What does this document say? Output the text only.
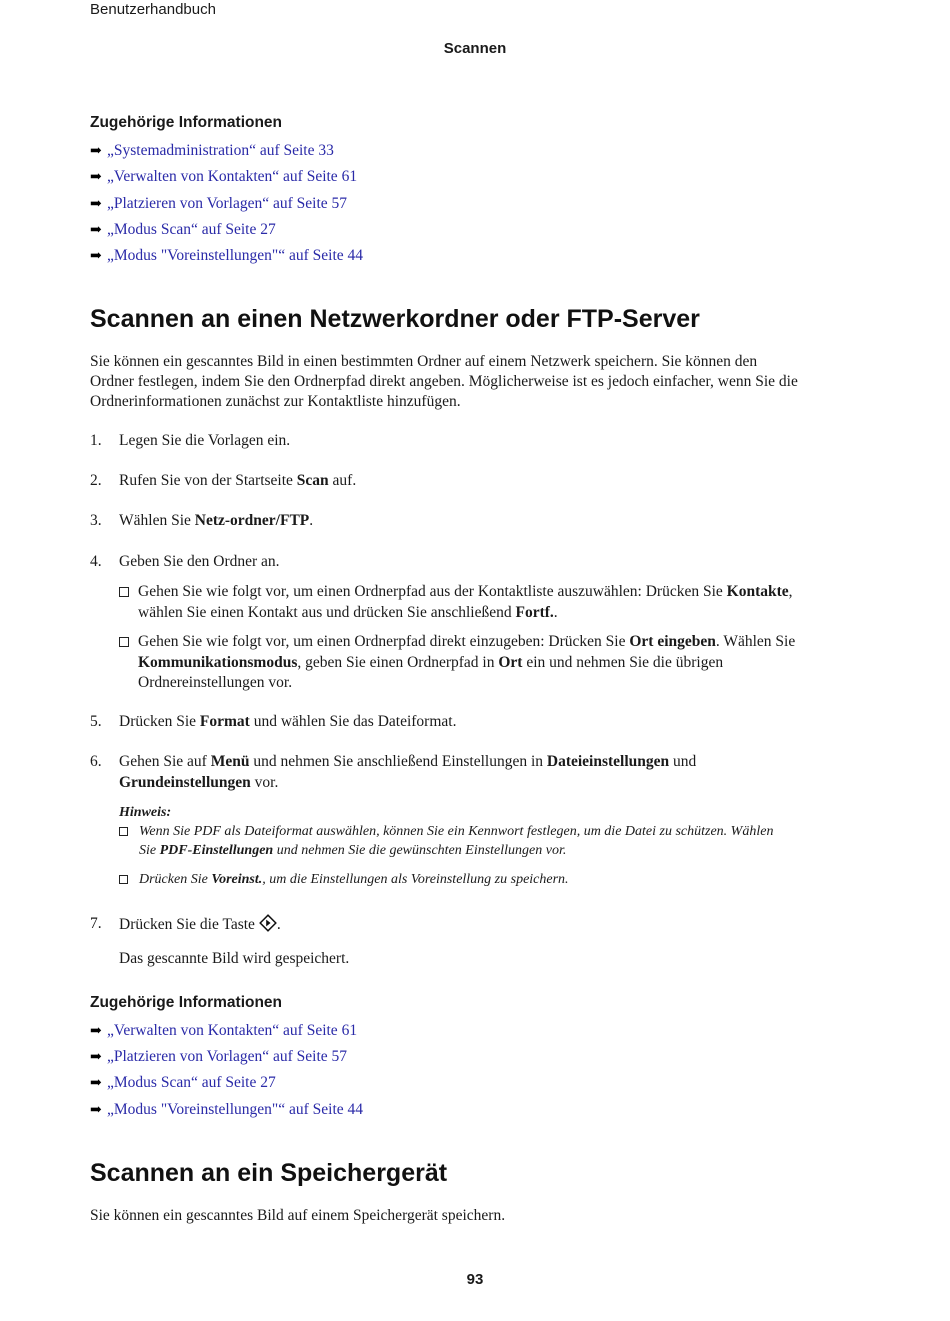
Benutzerhandbuch
Scannen
Zugehörige Informationen
➡ „Systemadministration“ auf Seite 33
➡ „Verwalten von Kontakten“ auf Seite 61
➡ „Platzieren von Vorlagen“ auf Seite 57
➡ „Modus Scan“ auf Seite 27
➡ „Modus "Voreinstellungen"“ auf Seite 44
Scannen an einen Netzwerkordner oder FTP-Server
Sie können ein gescanntes Bild in einen bestimmten Ordner auf einem Netzwerk speichern. Sie können den
Ordner festlegen, indem Sie den Ordnerpfad direkt angeben. Möglicherweise ist es jedoch einfacher, wenn Sie die
Ordnerinformationen zunächst zur Kontaktliste hinzufügen.
1. Legen Sie die Vorlagen ein.
2. Rufen Sie von der Startseite Scan auf.
3. Wählen Sie Netz-ordner/FTP.
4. Geben Sie den Ordner an.
Gehen Sie wie folgt vor, um einen Ordnerpfad aus der Kontaktliste auszuwählen: Drücken Sie Kontakte,
wählen Sie einen Kontakt aus und drücken Sie anschließend Fortf..
Gehen Sie wie folgt vor, um einen Ordnerpfad direkt einzugeben: Drücken Sie Ort eingeben. Wählen Sie
Kommunikationsmodus, geben Sie einen Ordnerpfad in Ort ein und nehmen Sie die übrigen
Ordnereinstellungen vor.
5. Drücken Sie Format und wählen Sie das Dateiformat.
6. Gehen Sie auf Menü und nehmen Sie anschließend Einstellungen in Dateieinstellungen und
Grundeinstellungen vor.
Hinweis:
Wenn Sie PDF als Dateiformat auswählen, können Sie ein Kennwort festlegen, um die Datei zu schützen. Wählen
Sie PDF-Einstellungen und nehmen Sie die gewünschten Einstellungen vor.
Drücken Sie Voreinst., um die Einstellungen als Voreinstellung zu speichern.
7. Drücken Sie die Taste .
Das gescannte Bild wird gespeichert.
Zugehörige Informationen
➡ „Verwalten von Kontakten“ auf Seite 61
➡ „Platzieren von Vorlagen“ auf Seite 57
➡ „Modus Scan“ auf Seite 27
➡ „Modus "Voreinstellungen"“ auf Seite 44
Scannen an ein Speichergerät
Sie können ein gescanntes Bild auf einem Speichergerät speichern.
93
